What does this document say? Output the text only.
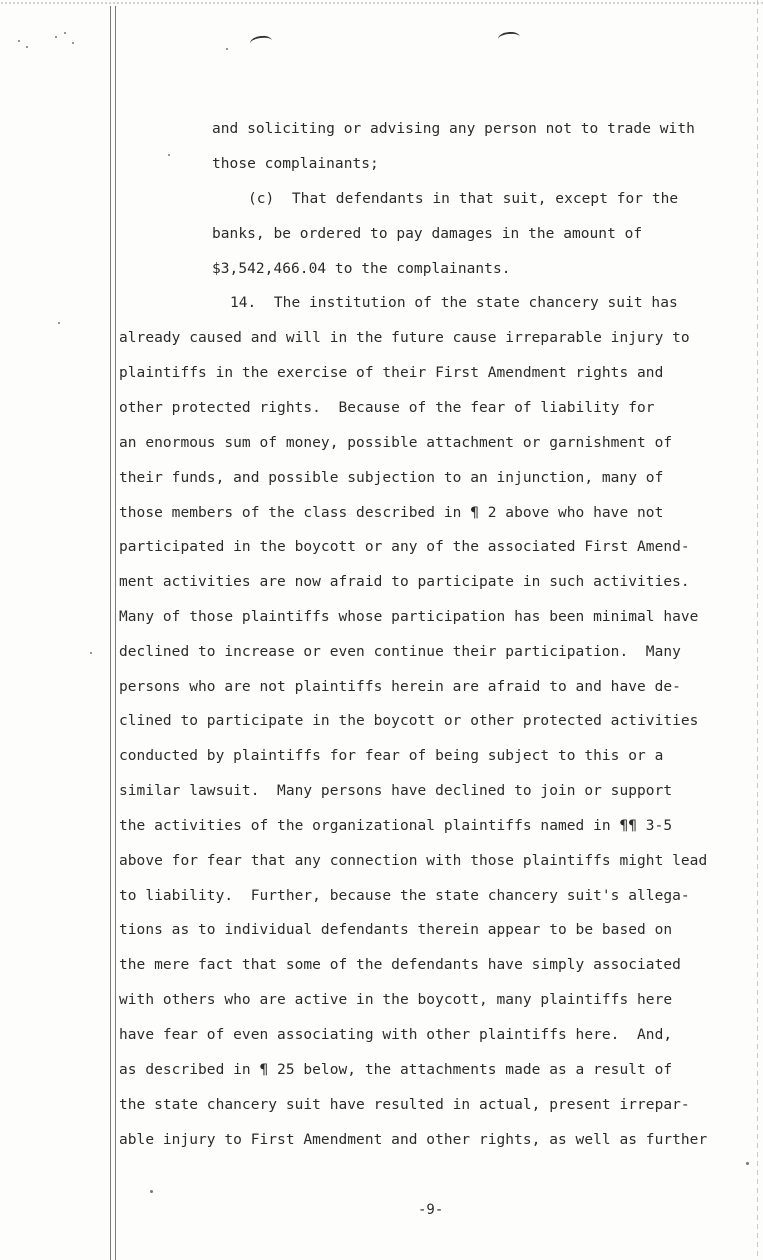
and soliciting or advising any person not to trade with
those complainants;
(c)  That defendants in that suit, except for the
banks, be ordered to pay damages in the amount of
$3,542,466.04 to the complainants.
14.  The institution of the state chancery suit has
already caused and will in the future cause irreparable injury to
plaintiffs in the exercise of their First Amendment rights and
other protected rights.  Because of the fear of liability for
an enormous sum of money, possible attachment or garnishment of
their funds, and possible subjection to an injunction, many of
those members of the class described in ¶ 2 above who have not
participated in the boycott or any of the associated First Amend-
ment activities are now afraid to participate in such activities.
Many of those plaintiffs whose participation has been minimal have
declined to increase or even continue their participation.  Many
persons who are not plaintiffs herein are afraid to and have de-
clined to participate in the boycott or other protected activities
conducted by plaintiffs for fear of being subject to this or a
similar lawsuit.  Many persons have declined to join or support
the activities of the organizational plaintiffs named in ¶¶ 3-5
above for fear that any connection with those plaintiffs might lead
to liability.  Further, because the state chancery suit's allega-
tions as to individual defendants therein appear to be based on
the mere fact that some of the defendants have simply associated
with others who are active in the boycott, many plaintiffs here
have fear of even associating with other plaintiffs here.  And,
as described in ¶ 25 below, the attachments made as a result of
the state chancery suit have resulted in actual, present irrepar-
able injury to First Amendment and other rights, as well as further
-9-
